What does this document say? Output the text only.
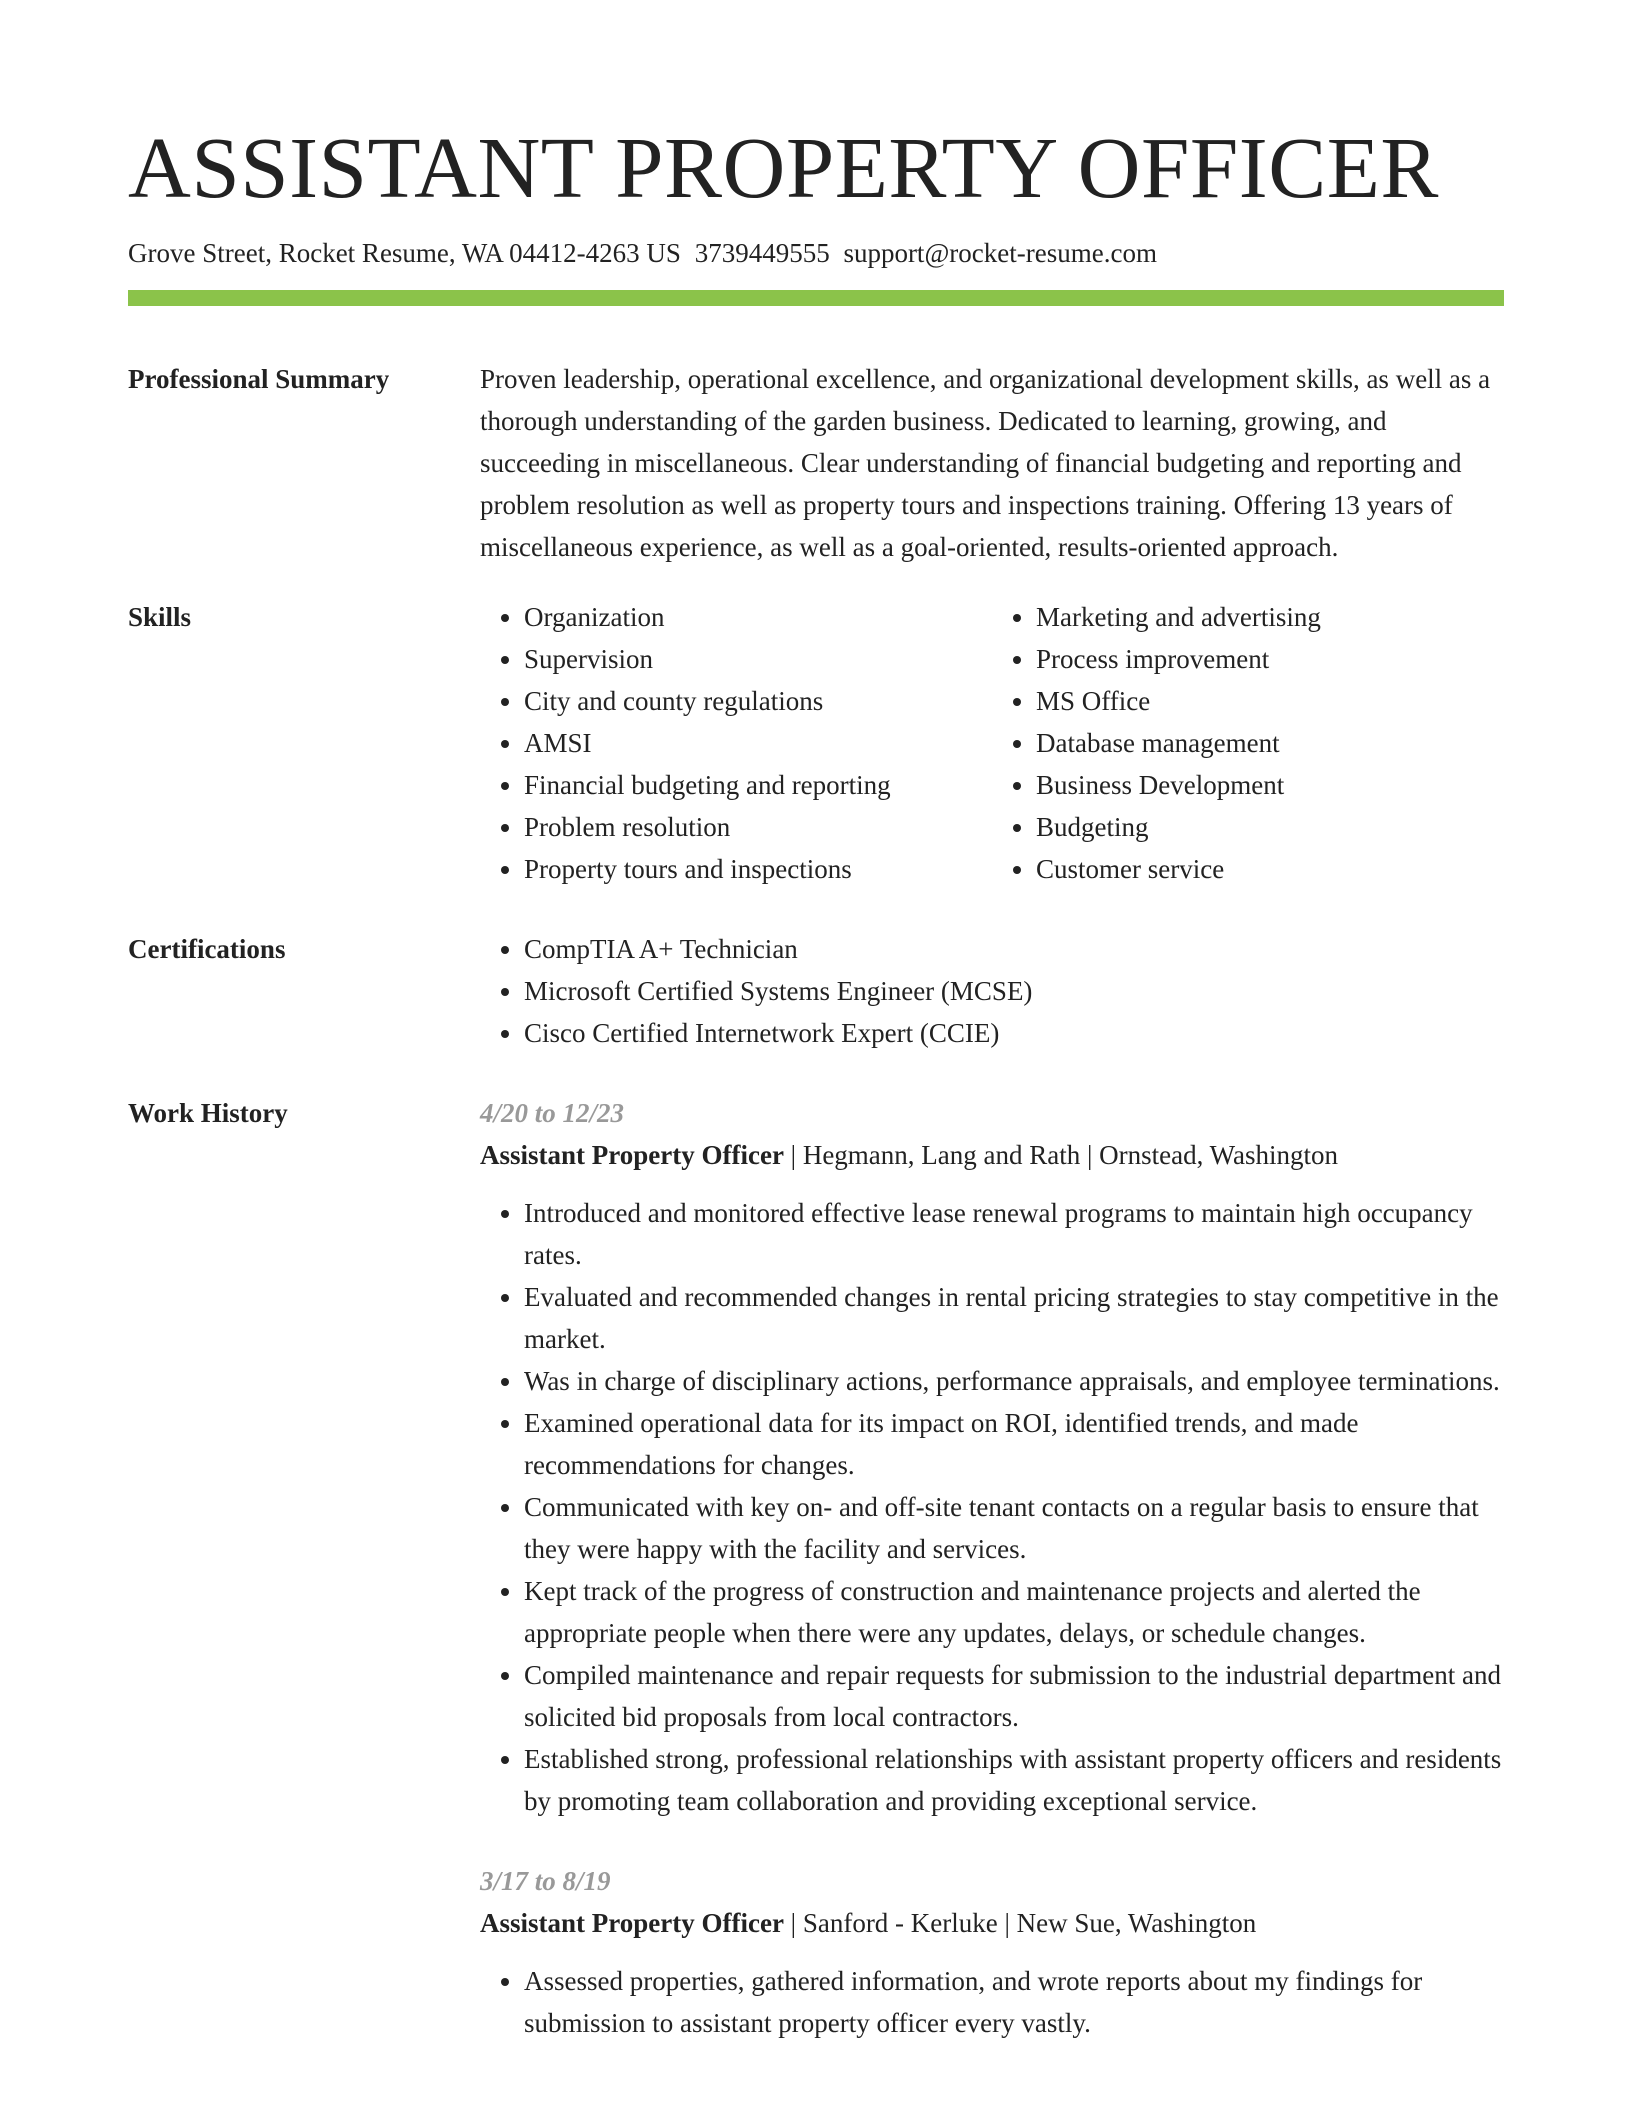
ASSISTANT PROPERTY OFFICER
Grove Street, Rocket Resume, WA 04412-4263 US 3739449555 support@rocket-resume.com
Professional Summary	Proven leadership, operational excellence, and organizational development skills, as well as a thorough understanding of the garden business. Dedicated to learning, growing, and succeeding in miscellaneous. Clear understanding of financial budgeting and reporting and problem resolution as well as property tours and inspections training. Offering 13 years of miscellaneous experience, as well as a goal-oriented, results-oriented approach.

Skills	• Organization
• Supervision
• City and county regulations
• AMSI
• Financial budgeting and reporting
• Problem resolution
• Property tours and inspections
• Marketing and advertising
• Process improvement
• MS Office
• Database management
• Business Development
• Budgeting
• Customer service
Certifications	• CompTIA A+ Technician
• Microsoft Certified Systems Engineer (MCSE)
• Cisco Certified Internetwork Expert (CCIE)
Work History	4/20 to 12/23
Assistant Property Officer | Hegmann, Lang and Rath | Ornstead, Washington
• Introduced and monitored effective lease renewal programs to maintain high occupancy rates.
• Evaluated and recommended changes in rental pricing strategies to stay competitive in the market.
• Was in charge of disciplinary actions, performance appraisals, and employee terminations.
• Examined operational data for its impact on ROI, identified trends, and made recommendations for changes.
• Communicated with key on- and off-site tenant contacts on a regular basis to ensure that they were happy with the facility and services.
• Kept track of the progress of construction and maintenance projects and alerted the appropriate people when there were any updates, delays, or schedule changes.
• Compiled maintenance and repair requests for submission to the industrial department and solicited bid proposals from local contractors.
• Established strong, professional relationships with assistant property officers and residents by promoting team collaboration and providing exceptional service.
3/17 to 8/19
Assistant Property Officer | Sanford - Kerluke | New Sue, Washington
• Assessed properties, gathered information, and wrote reports about my findings for submission to assistant property officer every vastly.
